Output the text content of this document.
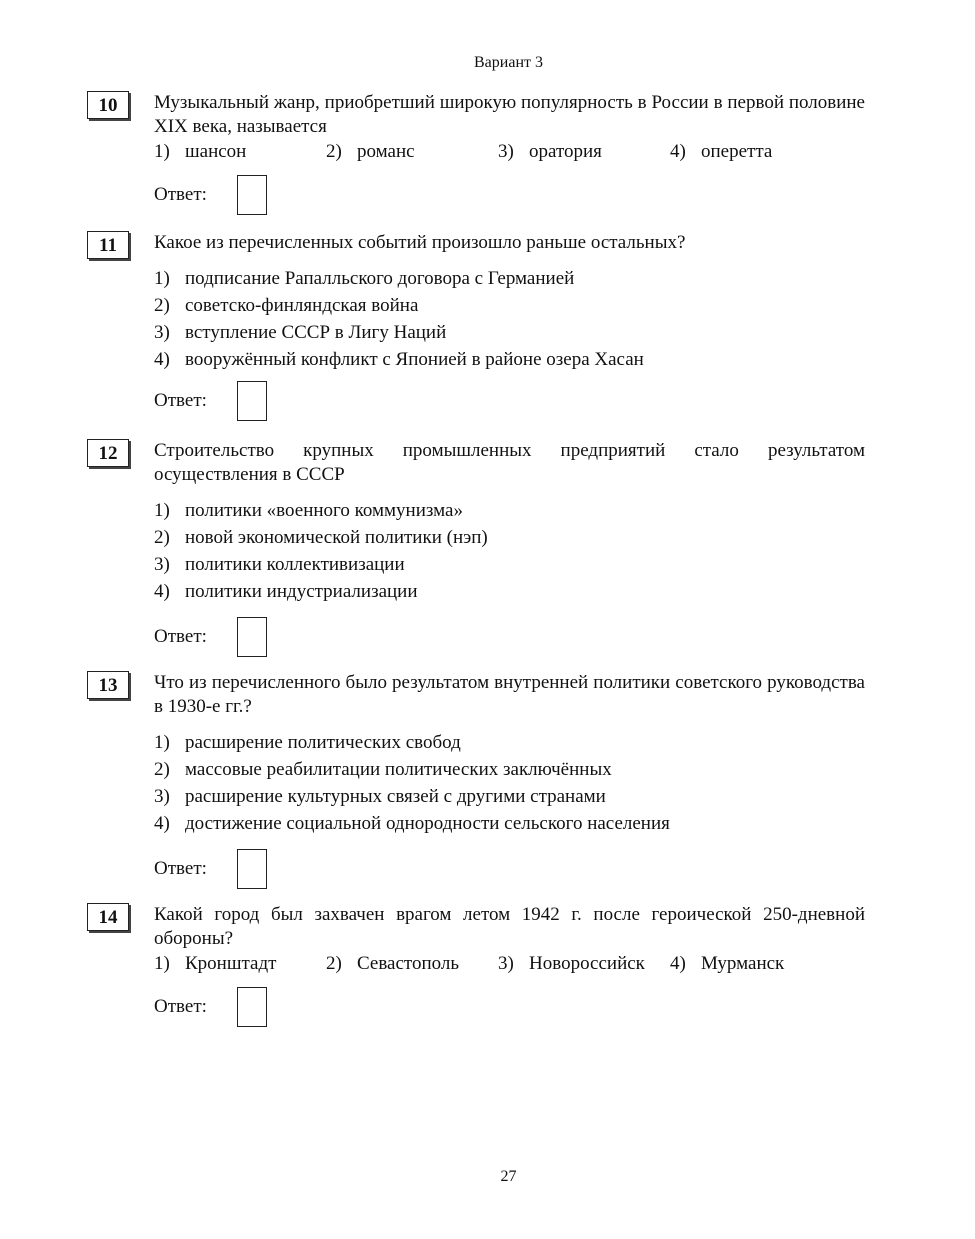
Вариант 3
10	Музыкальный жанр, приобретший широкую популярность в России в первой половине XIX века, называется
1) шансон	2) романс	3) оратория	4) оперетта
Ответ:
11	Какое из перечисленных событий произошло раньше остальных?
1) подписание Рапалльского договора с Германией
2) советско-финляндская война
3) вступление СССР в Лигу Наций
4) вооружённый конфликт с Японией в районе озера Хасан
Ответ:
12	Строительство крупных промышленных предприятий стало результатом осуществления в СССР
1) политики «военного коммунизма»
2) новой экономической политики (нэп)
3) политики коллективизации
4) политики индустриализации
Ответ:
13	Что из перечисленного было результатом внутренней политики советского руководства в 1930-е гг.?
1) расширение политических свобод
2) массовые реабилитации политических заключённых
3) расширение культурных связей с другими странами
4) достижение социальной однородности сельского населения
Ответ:
14	Какой город был захвачен врагом летом 1942 г. после героической 250-дневной обороны?
1) Кронштадт	2) Севастополь	3) Новороссийск	4) Мурманск
Ответ:
27
